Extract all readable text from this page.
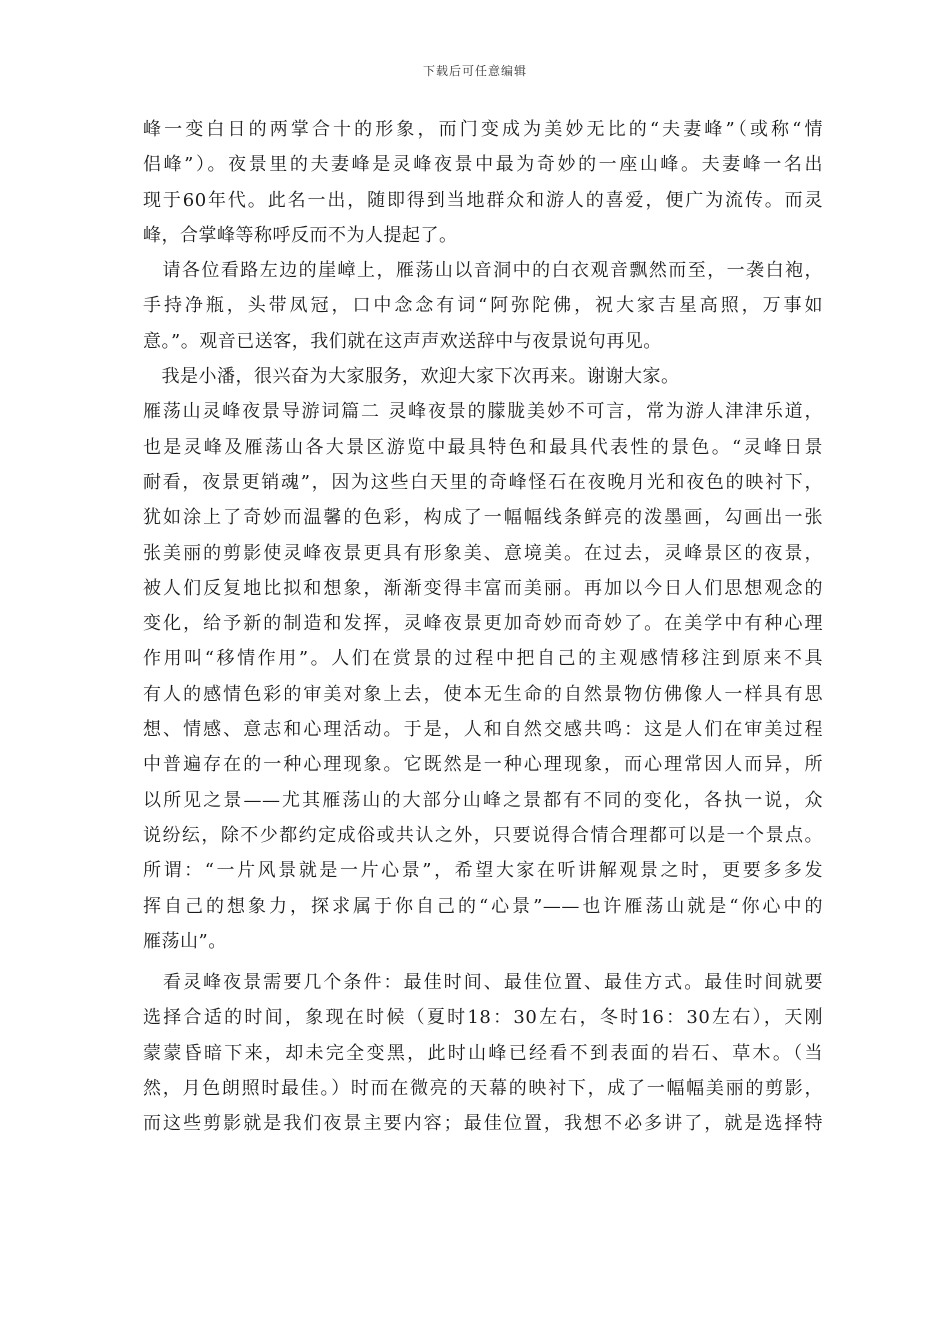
下载后可任意编辑
峰一变白日的两掌合十的形象，而门变成为美妙无比的“夫妻峰”（或称“情
侣峰”）。夜景里的夫妻峰是灵峰夜景中最为奇妙的一座山峰。夫妻峰一名出
现于60年代。此名一出，随即得到当地群众和游人的喜爱，便广为流传。而灵
峰，合掌峰等称呼反而不为人提起了。
　请各位看路左边的崖嶂上，雁荡山以音洞中的白衣观音飘然而至，一袭白袍，
手持净瓶，头带凤冠，口中念念有词“阿弥陀佛，祝大家吉星高照，万事如
意。”。观音已送客，我们就在这声声欢送辞中与夜景说句再见。
　我是小潘，很兴奋为大家服务，欢迎大家下次再来。谢谢大家。
雁荡山灵峰夜景导游词篇二 灵峰夜景的朦胧美妙不可言，常为游人津津乐道，
也是灵峰及雁荡山各大景区游览中最具特色和最具代表性的景色。“灵峰日景
耐看，夜景更销魂”，因为这些白天里的奇峰怪石在夜晚月光和夜色的映衬下，
犹如涂上了奇妙而温馨的色彩，构成了一幅幅线条鲜亮的泼墨画，勾画出一张
张美丽的剪影使灵峰夜景更具有形象美、意境美。在过去，灵峰景区的夜景，
被人们反复地比拟和想象，渐渐变得丰富而美丽。再加以今日人们思想观念的
变化，给予新的制造和发挥，灵峰夜景更加奇妙而奇妙了。在美学中有种心理
作用叫“移情作用”。人们在赏景的过程中把自己的主观感情移注到原来不具
有人的感情色彩的审美对象上去，使本无生命的自然景物仿佛像人一样具有思
想、情感、意志和心理活动。于是，人和自然交感共鸣：这是人们在审美过程
中普遍存在的一种心理现象。它既然是一种心理现象，而心理常因人而异，所
以所见之景——尤其雁荡山的大部分山峰之景都有不同的变化，各执一说，众
说纷纭，除不少都约定成俗或共认之外，只要说得合情合理都可以是一个景点。
所谓：“一片风景就是一片心景”，希望大家在听讲解观景之时，更要多多发
挥自己的想象力，探求属于你自己的“心景”——也许雁荡山就是“你心中的
雁荡山”。
　看灵峰夜景需要几个条件：最佳时间、最佳位置、最佳方式。最佳时间就要
选择合适的时间，象现在时候（夏时18：30左右，冬时16：30左右），天刚
蒙蒙昏暗下来，却未完全变黑，此时山峰已经看不到表面的岩石、草木。（当
然，月色朗照时最佳。）时而在微亮的天幕的映衬下，成了一幅幅美丽的剪影，
而这些剪影就是我们夜景主要内容；最佳位置，我想不必多讲了，就是选择特
